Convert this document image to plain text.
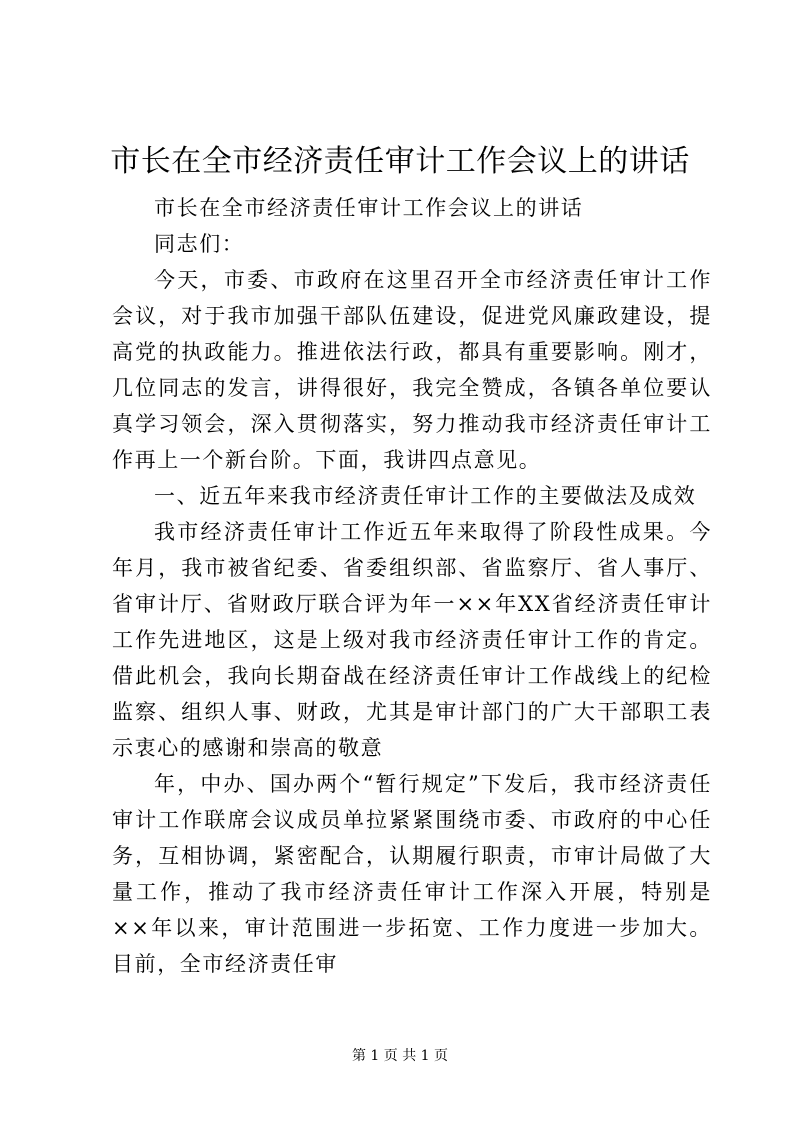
市长在全市经济责任审计工作会议上的讲话

市长在全市经济责任审计工作会议上的讲话

同志们：

今天，市委、市政府在这里召开全市经济责任审计工作会议，对于我市加强干部队伍建设，促进党风廉政建设，提高党的执政能力。推进依法行政，都具有重要影响。刚才，几位同志的发言，讲得很好，我完全赞成，各镇各单位要认真学习领会，深入贯彻落实，努力推动我市经济责任审计工作再上一个新台阶。下面，我讲四点意见。

一、近五年来我市经济责任审计工作的主要做法及成效

我市经济责任审计工作近五年来取得了阶段性成果。今年月，我市被省纪委、省委组织部、省监察厅、省人事厅、省审计厅、省财政厅联合评为年一××年XX省经济责任审计工作先进地区，这是上级对我市经济责任审计工作的肯定。借此机会，我向长期奋战在经济责任审计工作战线上的纪检监察、组织人事、财政，尤其是审计部门的广大干部职工表示衷心的感谢和崇高的敬意

年，中办、国办两个“暂行规定”下发后，我市经济责任审计工作联席会议成员单拉紧紧围绕市委、市政府的中心任务，互相协调，紧密配合，认期履行职责，市审计局做了大量工作，推动了我市经济责任审计工作深入开展，特别是××年以来，审计范围进一步拓宽、工作力度进一步加大。目前，全市经济责任审

第 1 页 共 1 页
